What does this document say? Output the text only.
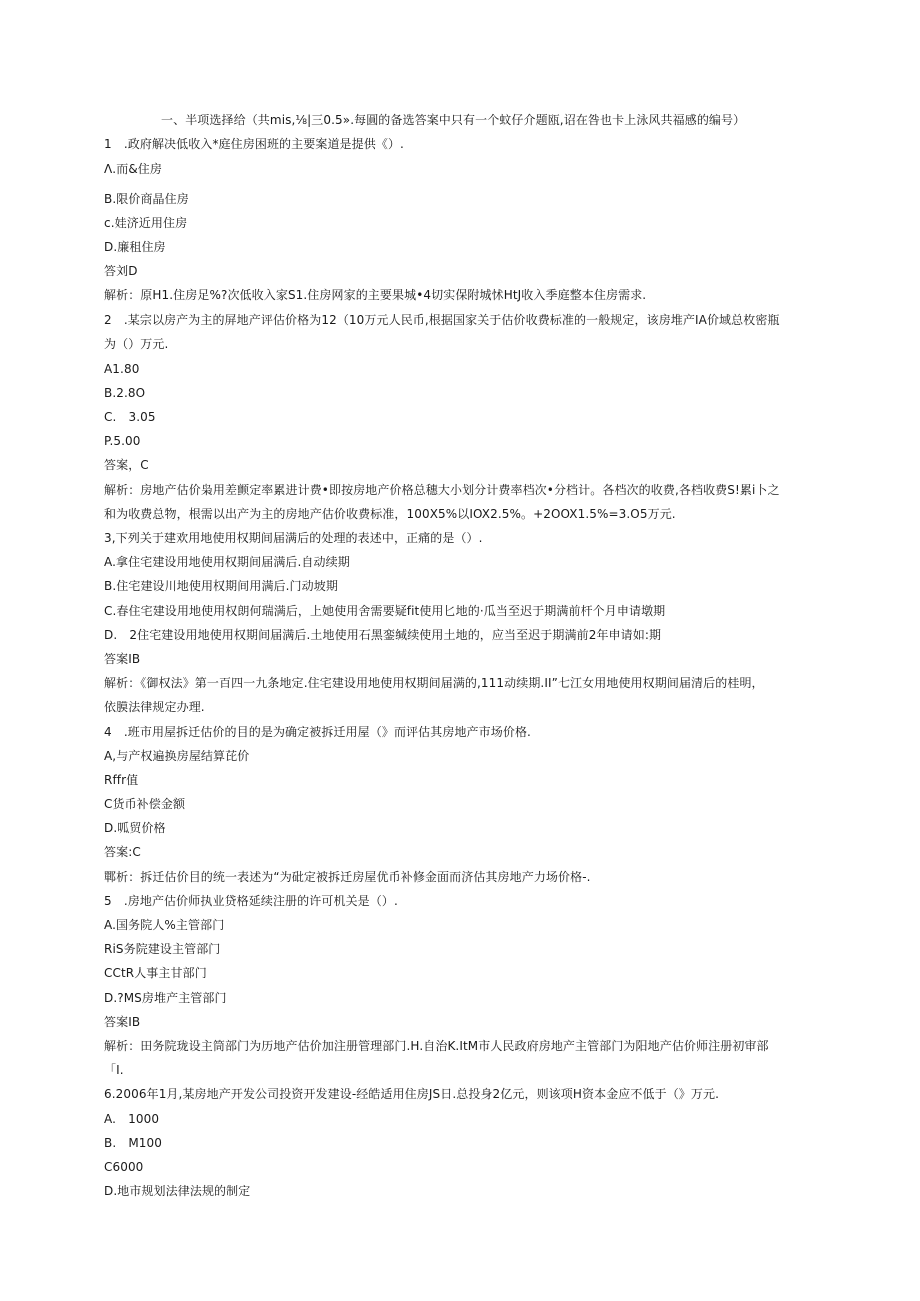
一、半项选择给（共mis,⅛|三0.5».每圓的备选答案中只有一个蚊仔介题瓯,诏在咎也卡上泳风共福感的编号）
1　.政府解决低收入*庭住房困班的主要案道是提供《）.
Λ.而&住房
B.限价商晶住房
c.娃济近用住房
D.廉租住房
答刘D
解析：原H1.住房足%?次低收入家S1.住房网家的主要果城•4切实保附城怵HtJ收入季庭整本住房需求.
2　.某宗以房产为主的屏地产评估价格为12（10万元人民币,根据国家关于估价收费标准的一般规定，该房堆产IA价域总枚密瓶
为（）万元.
A1.80
B.2.8O
C.　3.05
P.5.00
答案，C
解析：房地产估价枭用差颤定率累进计费•即按房地产价格总穗大小划分计费率档次•分档计。各档次的收费,各档收费S!累i卜之
和为收费总物，根需以出产为主的房地产估价收费标准，100X5%以IOX2.5%。+2OOX1.5%=3.O5万元.
3,下列关于建欢用地使用权期间届满后的处理的表述中，正痛的是（）.
A.拿住宅建设用地使用权期间届满后.自动续期
B.住宅建设川地使用权期间用满后.门动坡期
C.春住宅建设用地使用权朗何瑞满后，上她使用舍需要疑fit使用匕地的·瓜当至迟于期满前杆个月申请墩期
D.　2住宅建设用地使用权期间届满后.土地使用石黑銮缄续使用土地的，应当至迟于期满前2年申请如:期
答案IB
解析：《御权法》第一百四一九条地定.住宅建设用地使用权期间届满的,111动续期.II”七江女用地使用权期间届清后的桂明，
依膜法律规定办理.
4　.班市用屋拆迁估价的目的是为确定被拆迁用屋（》而评估其房地产市场价格.
A,与产权遍换房屋结算芘价
Rffr值
C货币补偿金额
D.呱贸价格
答案:C
鄲析：拆迁估价目的统一表述为“为砒定被拆迁房屋优币补修金面而济估其房地产力场价格-.
5　.房地产估价师执业贷格延续注册的许可机关是（）.
A.国务院人%主管部门
RiS务院建设主管部门
CCtR人事主甘部门
D.?MS房堆产主管部门
答案IB
解析：田务院珑设主筒部门为历地产估价加注册管理部门.H.自治K.ItM市人民政府房地产主管部门为阳地产估价师注册初审部
「I.
6.2006年1月,某房地产开发公司投资开发建设-经皓适用住房JS日.总投身2亿元，则该项H资本金应不低于（》万元.
A.　1000
B.　M100
C6000
D.地市规划法律法规的制定
